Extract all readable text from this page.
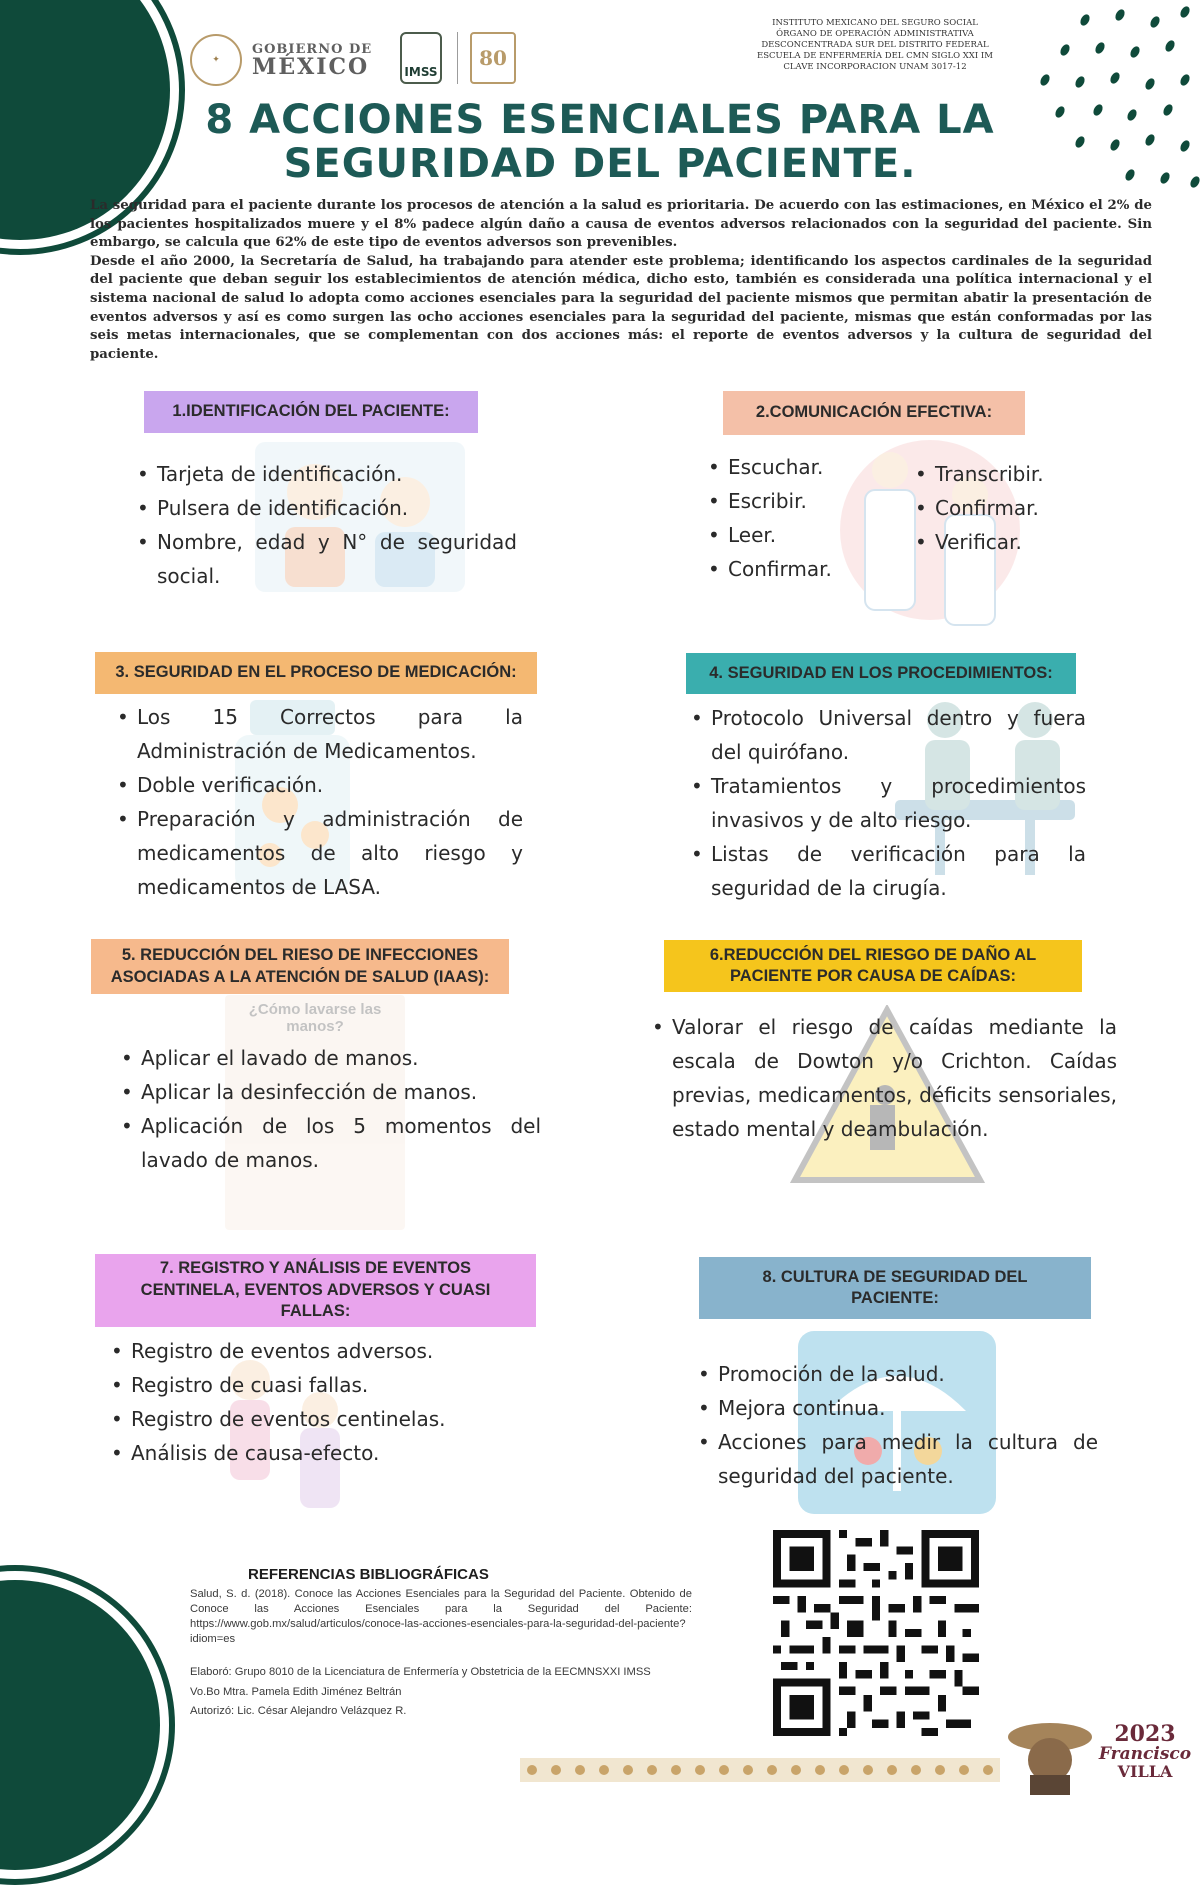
✦
GOBIERNO DE
MÉXICO	IMSS
80
INSTITUTO MEXICANO DEL SEGURO SOCIAL
ÓRGANO DE OPERACIÓN ADMINISTRATIVA
DESCONCENTRADA SUR DEL DISTRITO FEDERAL
ESCUELA DE ENFERMERÍA DEL CMN SIGLO XXI IM
CLAVE INCORPORACION UNAM 3017-12
8 ACCIONES ESENCIALES PARA LA
SEGURIDAD DEL PACIENTE.

La seguridad para el paciente durante los procesos de atención a la salud es prioritaria. De acuerdo con las estimaciones, en México el 2% de los pacientes hospitalizados muere y el 8% padece algún daño a causa de eventos adversos relacionados con la seguridad del paciente. Sin embargo, se calcula que 62% de este tipo de eventos adversos son prevenibles.

Desde el año 2000, la Secretaría de Salud, ha trabajando para atender este problema; identificando los aspectos cardinales de la seguridad del paciente que deban seguir los establecimientos de atención médica, dicho esto, también es considerada una política internacional y el sistema nacional de salud lo adopta como acciones esenciales para la seguridad del paciente mismos que permitan abatir la presentación de eventos adversos y así es como surgen las ocho acciones esenciales para la seguridad del paciente, mismas que están conformadas por las seis metas internacionales, que se complementan con dos acciones más: el reporte de eventos adversos y la cultura de seguridad del paciente.

¿Cómo lavarse las manos?
1.IDENTIFICACIÓN DEL PACIENTE:
• Tarjeta de identificación.
• Pulsera de identificación.
• Nombre, edad y N° de seguridad social.
2.COMUNICACIÓN EFECTIVA:
• Escuchar.
• Escribir.
• Leer.
• Confirmar.
• Transcribir.
• Confirmar.
• Verificar.
3. SEGURIDAD EN EL PROCESO DE MEDICACIÓN:
• Los 15 Correctos para la Administración de Medicamentos.
• Doble verificación.
• Preparación y administración de medicamentos de alto riesgo y medicamentos de LASA.
4. SEGURIDAD EN LOS PROCEDIMIENTOS:
• Protocolo Universal dentro y fuera del quirófano.
• Tratamientos y procedimientos invasivos y de alto riesgo.
• Listas de verificación para la seguridad de la cirugía.
5. REDUCCIÓN DEL RIESO DE INFECCIONES
ASOCIADAS A LA ATENCIÓN DE SALUD (IAAS):
• Aplicar el lavado de manos.
• Aplicar la desinfección de manos.
• Aplicación de los 5 momentos del lavado de manos.
6.REDUCCIÓN DEL RIESGO DE DAÑO AL
PACIENTE POR CAUSA DE CAÍDAS:
• Valorar el riesgo de caídas mediante la escala de Dowton y/o Crichton. Caídas previas, medicamentos, déficits sensoriales, estado mental y deambulación.
7. REGISTRO Y ANÁLISIS DE EVENTOS
CENTINELA, EVENTOS ADVERSOS Y CUASI
FALLAS:
• Registro de eventos adversos.
• Registro de cuasi fallas.
• Registro de eventos centinelas.
• Análisis de causa-efecto.
8. CULTURA DE SEGURIDAD DEL
PACIENTE:
• Promoción de la salud.
• Mejora continua.
• Acciones para medir la cultura de seguridad del paciente.
REFERENCIAS BIBLIOGRÁFICAS

Salud, S. d. (2018). Conoce las Acciones Esenciales para la Seguridad del Paciente. Obtenido de Conoce las Acciones Esenciales para la Seguridad del Paciente: https://www.gob.mx/salud/articulos/conoce-las-acciones-esenciales-para-la-seguridad-del-paciente?idiom=es

Elaboró: Grupo 8010 de la Licenciatura de Enfermería y Obstetricia de la EECMNSXXI IMSS

Vo.Bo Mtra. Pamela Edith Jiménez Beltrán

Autorizó: Lic. César Alejandro Velázquez R.

2023
Francisco
VILLA
